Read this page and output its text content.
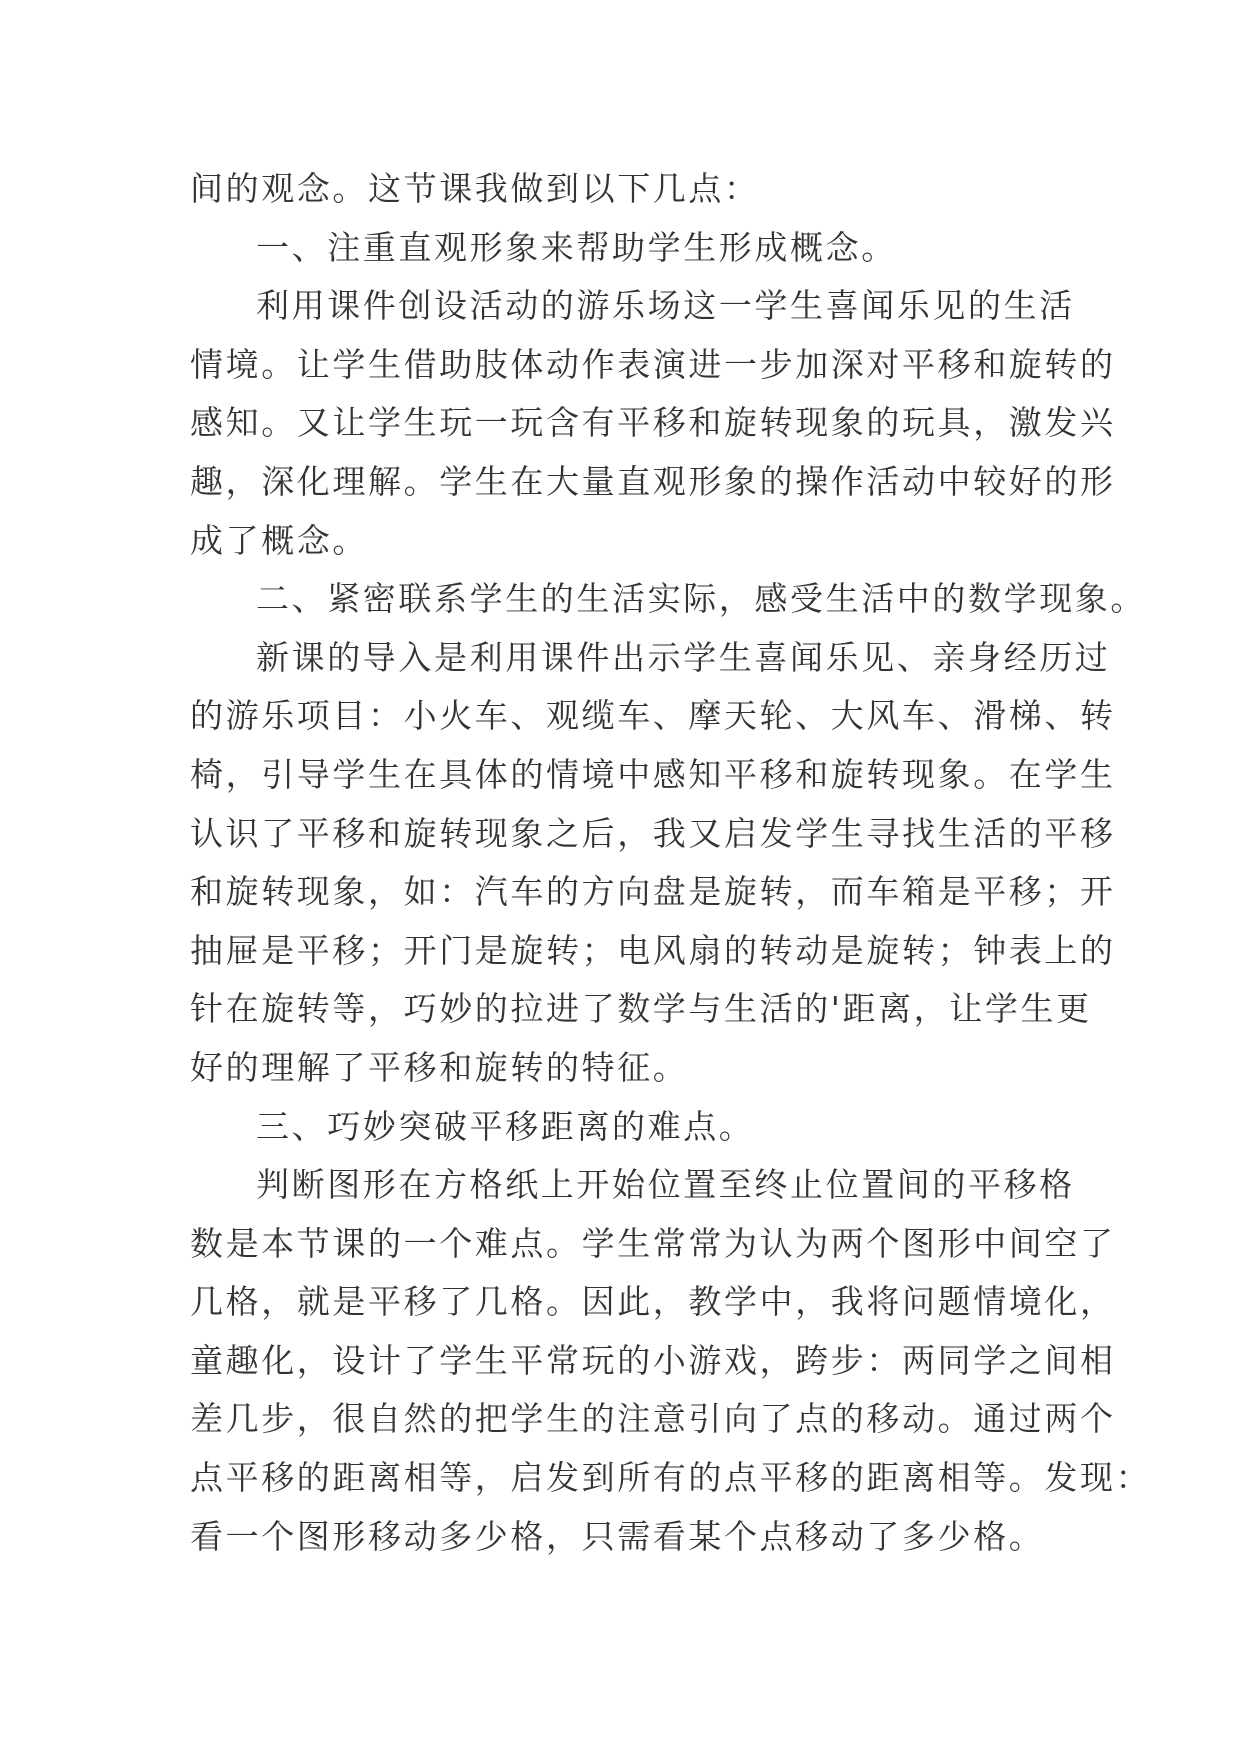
间的观念。这节课我做到以下几点：
一、注重直观形象来帮助学生形成概念。
利用课件创设活动的游乐场这一学生喜闻乐见的生活
情境。让学生借助肢体动作表演进一步加深对平移和旋转的
感知。又让学生玩一玩含有平移和旋转现象的玩具，激发兴
趣，深化理解。学生在大量直观形象的操作活动中较好的形
成了概念。
二、紧密联系学生的生活实际，感受生活中的数学现象。
新课的导入是利用课件出示学生喜闻乐见、亲身经历过
的游乐项目：小火车、观缆车、摩天轮、大风车、滑梯、转
椅，引导学生在具体的情境中感知平移和旋转现象。在学生
认识了平移和旋转现象之后，我又启发学生寻找生活的平移
和旋转现象，如：汽车的方向盘是旋转，而车箱是平移；开
抽屉是平移；开门是旋转；电风扇的转动是旋转；钟表上的
针在旋转等，巧妙的拉进了数学与生活的'距离，让学生更
好的理解了平移和旋转的特征。
三、巧妙突破平移距离的难点。
判断图形在方格纸上开始位置至终止位置间的平移格
数是本节课的一个难点。学生常常为认为两个图形中间空了
几格，就是平移了几格。因此，教学中，我将问题情境化，
童趣化，设计了学生平常玩的小游戏，跨步：两同学之间相
差几步，很自然的把学生的注意引向了点的移动。通过两个
点平移的距离相等，启发到所有的点平移的距离相等。发现：
看一个图形移动多少格，只需看某个点移动了多少格。
